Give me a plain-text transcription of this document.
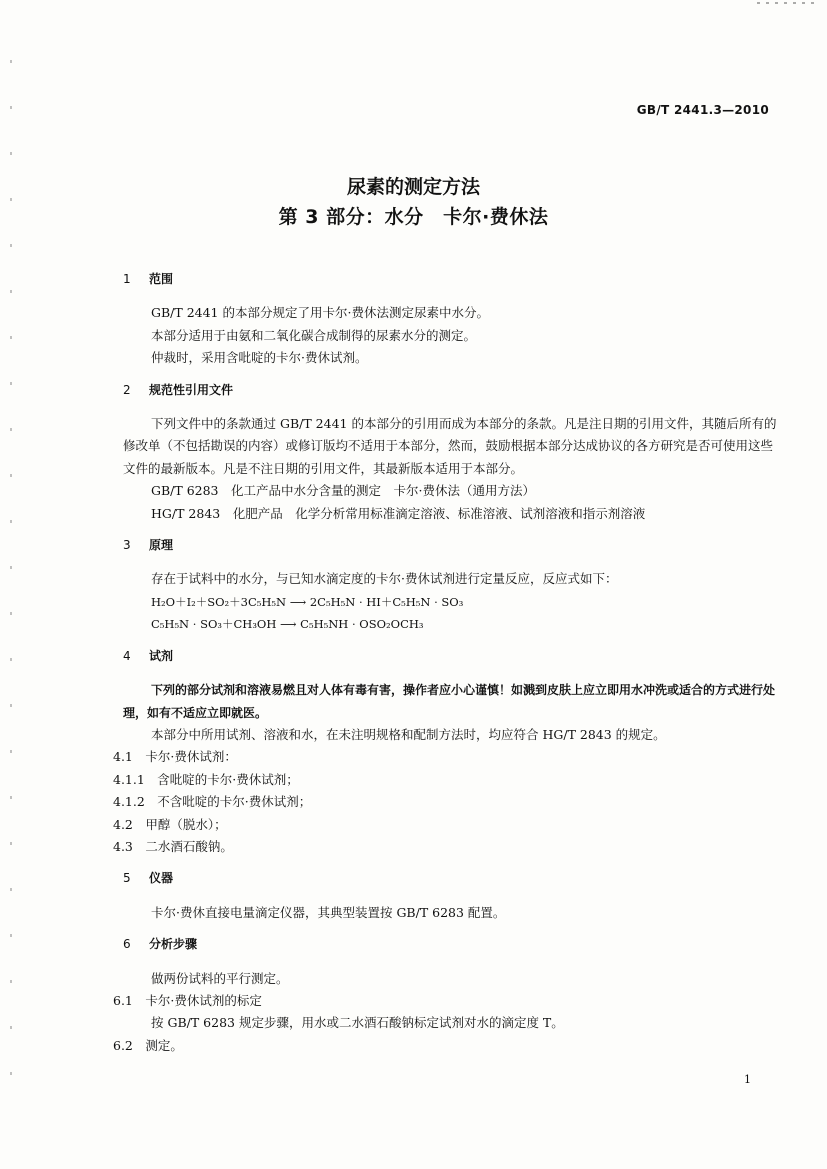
GB/T 2441.3—2010
尿素的测定方法
第 3 部分：水分　卡尔·费休法

1 范围

GB/T 2441 的本部分规定了用卡尔·费休法测定尿素中水分。

本部分适用于由氨和二氧化碳合成制得的尿素水分的测定。

仲裁时，采用含吡啶的卡尔·费休试剂。

2 规范性引用文件

下列文件中的条款通过 GB/T 2441 的本部分的引用而成为本部分的条款。凡是注日期的引用文件，其随后所有的修改单（不包括勘误的内容）或修订版均不适用于本部分，然而，鼓励根据本部分达成协议的各方研究是否可使用这些文件的最新版本。凡是不注日期的引用文件，其最新版本适用于本部分。

GB/T 6283　化工产品中水分含量的测定　卡尔·费休法（通用方法）

HG/T 2843　化肥产品　化学分析常用标准滴定溶液、标准溶液、试剂溶液和指示剂溶液

3 原理

存在于试料中的水分，与已知水滴定度的卡尔·费休试剂进行定量反应，反应式如下：

H₂O＋I₂＋SO₂＋3C₅H₅N ⟶ 2C₅H₅N · HI＋C₅H₅N · SO₃

C₅H₅N · SO₃＋CH₃OH ⟶ C₅H₅NH · OSO₂OCH₃

4 试剂

下列的部分试剂和溶液易燃且对人体有毒有害，操作者应小心谨慎！如溅到皮肤上应立即用水冲洗或适合的方式进行处理，如有不适应立即就医。

本部分中所用试剂、溶液和水，在未注明规格和配制方法时，均应符合 HG/T 2843 的规定。

4.1　卡尔·费休试剂：

4.1.1　含吡啶的卡尔·费休试剂；

4.1.2　不含吡啶的卡尔·费休试剂；

4.2　甲醇（脱水）；

4.3　二水酒石酸钠。

5 仪器

卡尔·费休直接电量滴定仪器，其典型装置按 GB/T 6283 配置。

6 分析步骤

做两份试料的平行测定。

6.1　卡尔·费休试剂的标定

按 GB/T 6283 规定步骤，用水或二水酒石酸钠标定试剂对水的滴定度 T。

6.2　测定。

1
